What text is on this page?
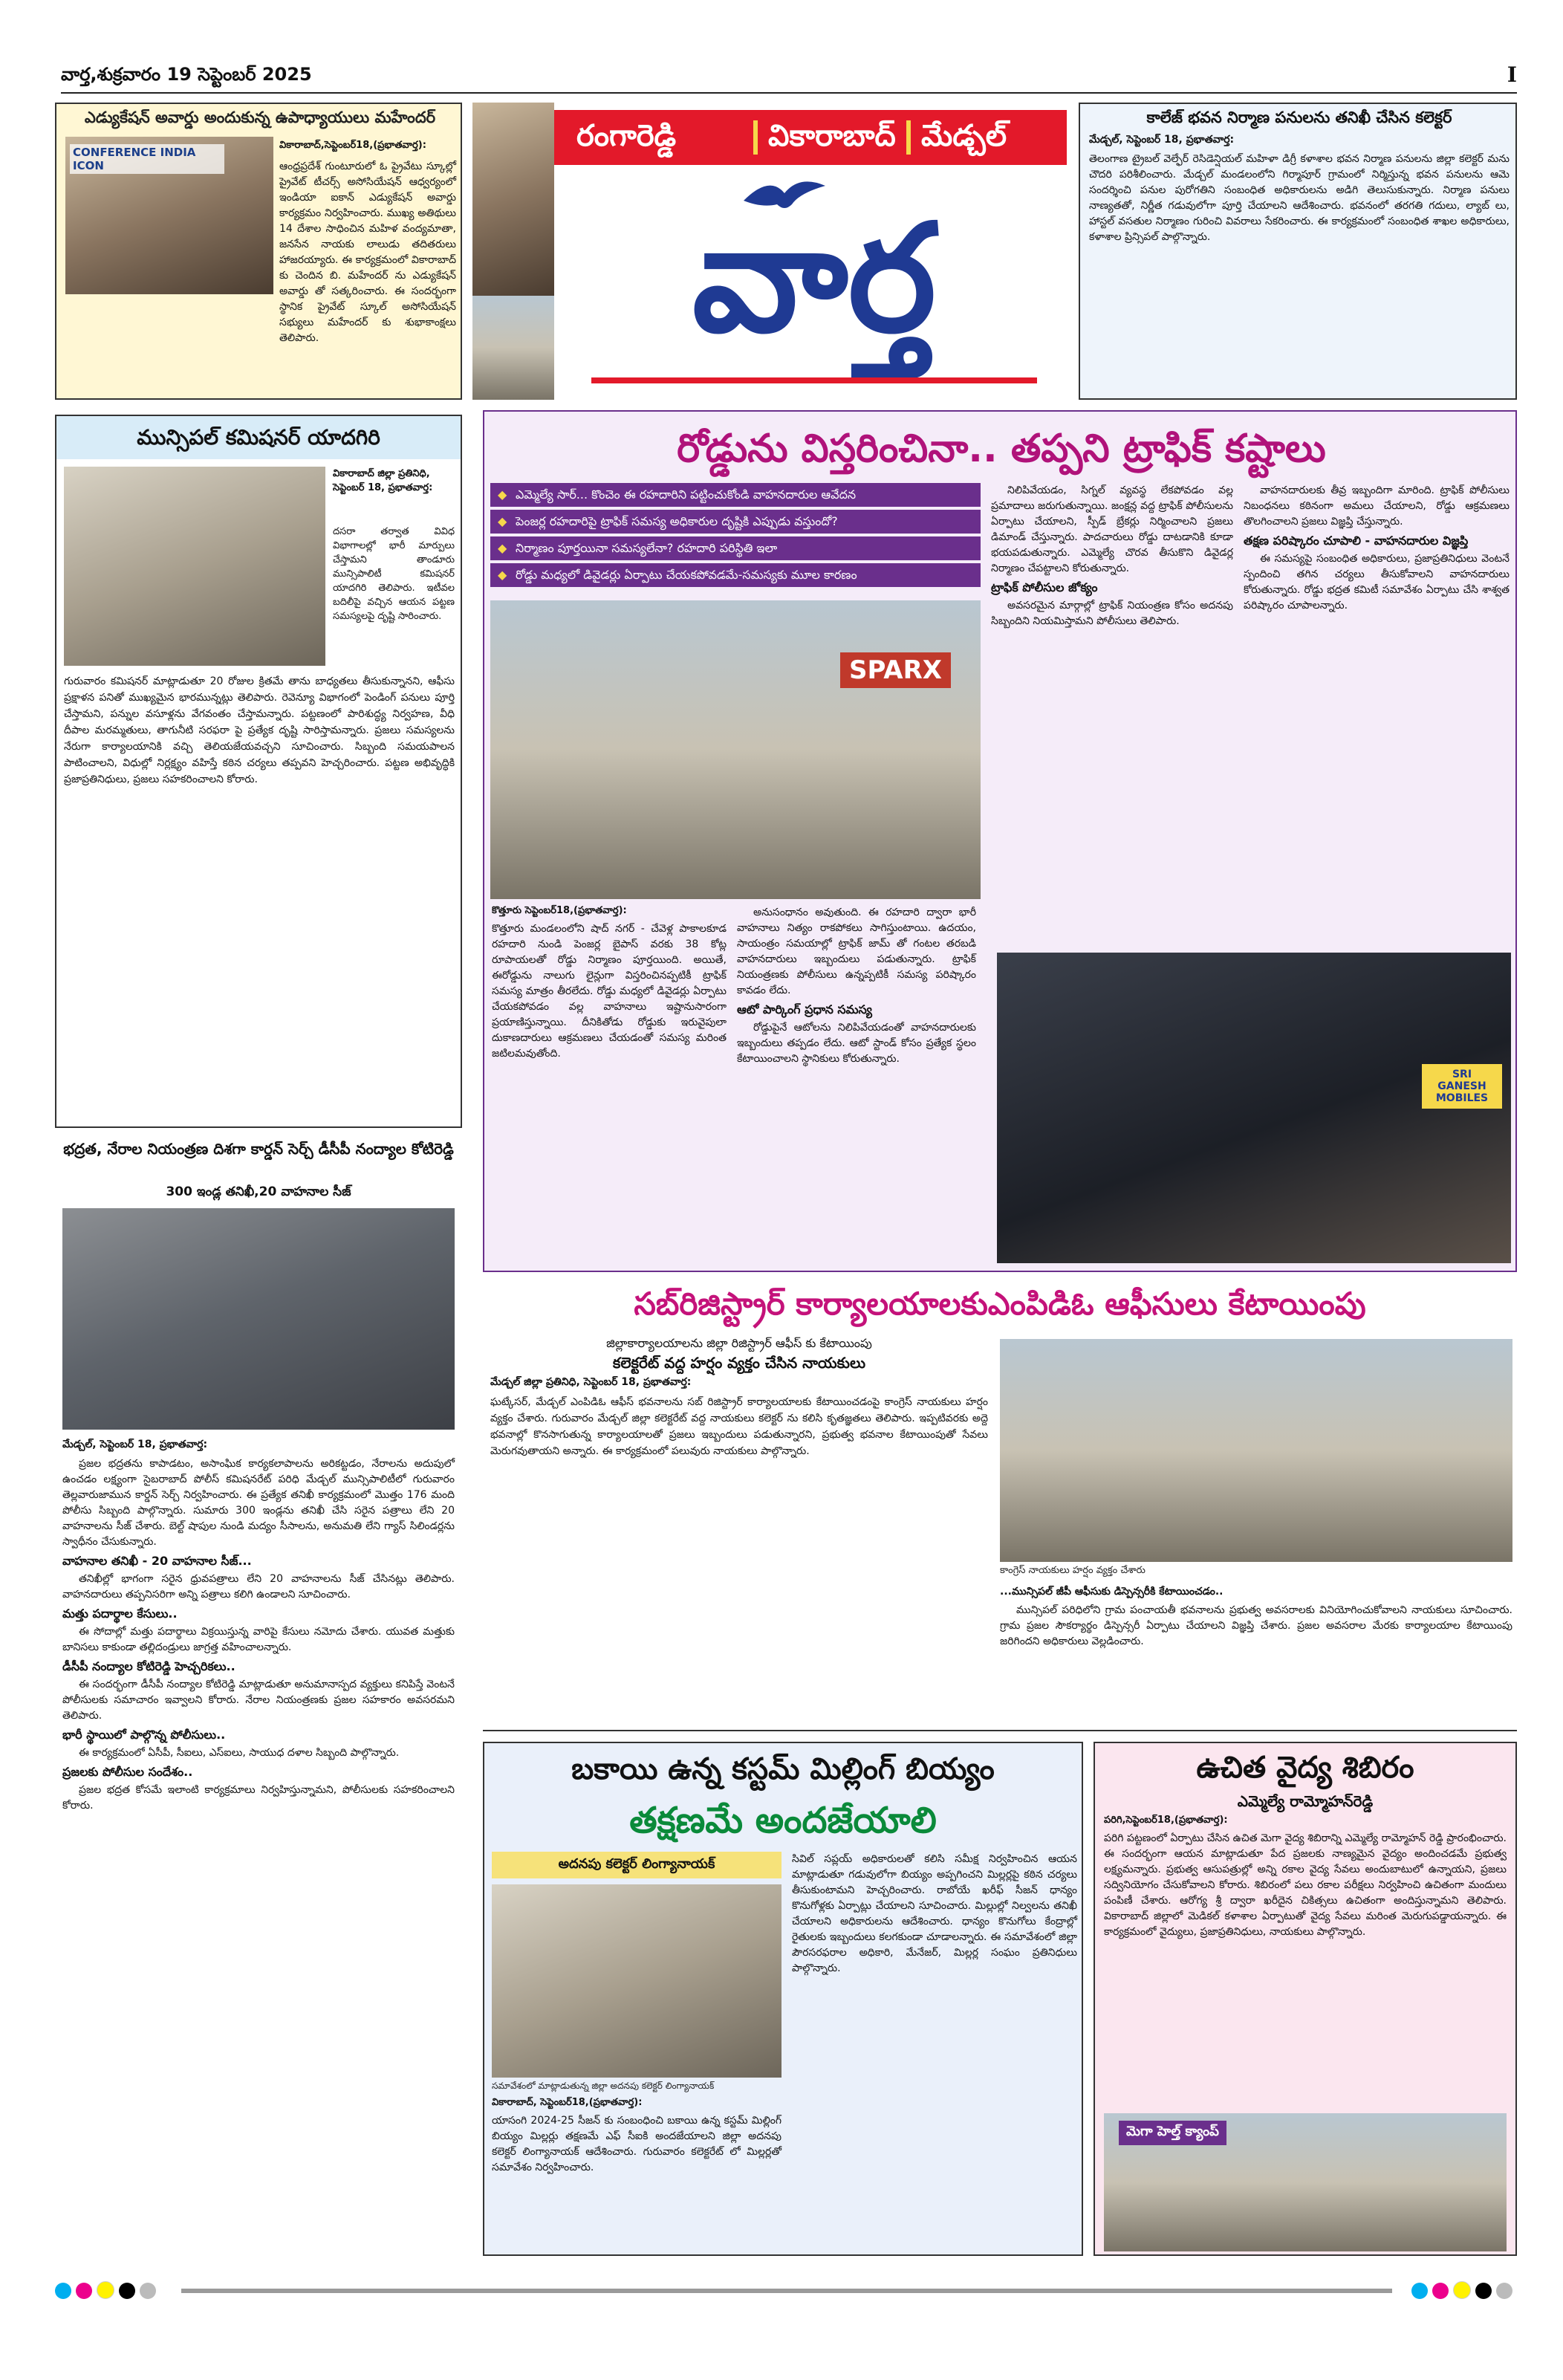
వార్త,శుక్రవారం 19 సెప్టెంబర్ 2025	I
ఎడ్యుకేషన్ అవార్డు అందుకున్న ఉపాధ్యాయులు మహేందర్
CONFERENCE INDIA ICON
వికారాబాద్,సెప్టెంబర్18,(ప్రభాతవార్త):
ఆంధ్రప్రదేశ్ గుంటూరులో ఓ ప్రైవేటు స్కూల్లో ప్రైవేట్ టీచర్స్ అసోసియేషన్ ఆధ్వర్యంలో ఇండియా ఐకాన్ ఎడ్యుకేషన్ అవార్డు కార్యక్రమం నిర్వహించారు. ముఖ్య అతిథులు 14 దేశాల సాధించిన మహిళ వంద్యమాతా, జనసేన నాయకు లాలుడు తదితరులు హాజరయ్యారు. ఈ కార్యక్రమంలో వికారాబాద్ కు చెందిన బి. మహేందర్ ను ఎడ్యుకేషన్ అవార్డు తో సత్కరించారు. ఈ సందర్భంగా స్థానిక ప్రైవేట్ స్కూల్ అసోసియేషన్ సభ్యులు మహేందర్ కు శుభాకాంక్షలు తెలిపారు.
రంగారెడ్డి	వికారాబాద్ మేడ్చల్
వార్త
కాలేజ్ భవన నిర్మాణ పనులను తనిఖీ చేసిన కలెక్టర్
మేడ్చల్, సెప్టెంబర్ 18, ప్రభాతవార్త:
తెలంగాణ ట్రైబల్ వెల్ఫేర్ రెసిడెన్షియల్ మహిళా డిగ్రీ కళాశాల భవన నిర్మాణ పనులను జిల్లా కలెక్టర్ మను చౌదరి పరిశీలించారు. మేడ్చల్ మండలంలోని గిర్మాపూర్ గ్రామంలో నిర్మిస్తున్న భవన పనులను ఆమె సందర్శించి పనుల పురోగతిని సంబంధిత అధికారులను అడిగి తెలుసుకున్నారు. నిర్మాణ పనులు నాణ్యతతో, నిర్ణీత గడువులోగా పూర్తి చేయాలని ఆదేశించారు. భవనంలో తరగతి గదులు, ల్యాబ్ లు, హాస్టల్ వసతుల నిర్మాణం గురించి వివరాలు సేకరించారు. ఈ కార్యక్రమంలో సంబంధిత శాఖల అధికారులు, కళాశాల ప్రిన్సిపల్ పాల్గొన్నారు.
మున్సిపల్ కమిషనర్ యాదగిరి
వికారాబాద్ జిల్లా ప్రతినిధి, సెప్టెంబర్ 18, ప్రభాతవార్త:
దసరా తర్వాత వివిధ విభాగాలల్లో భారీ మార్పులు చేస్తామని తాండూరు మున్సిపాలిటీ కమిషనర్ యాదగిరి తెలిపారు. ఇటీవల బదిలీపై వచ్చిన ఆయన పట్టణ సమస్యలపై దృష్టి సారించారు.
గురువారం కమిషనర్ మాట్లాడుతూ 20 రోజుల క్రితమే తాను బాధ్యతలు తీసుకున్నానని, ఆఫీసు ప్రక్షాళన పనితో ముఖ్యమైన భారమున్నట్లు తెలిపారు. రెవెన్యూ విభాగంలో పెండింగ్ పనులు పూర్తి చేస్తామని, పన్నుల వసూళ్లను వేగవంతం చేస్తామన్నారు. పట్టణంలో పారిశుద్ధ్య నిర్వహణ, వీధి దీపాల మరమ్మతులు, తాగునీటి సరఫరా పై ప్రత్యేక దృష్టి సారిస్తామన్నారు. ప్రజలు సమస్యలను నేరుగా కార్యాలయానికి వచ్చి తెలియజేయవచ్చని సూచించారు. సిబ్బంది సమయపాలన పాటించాలని, విధుల్లో నిర్లక్ష్యం వహిస్తే కఠిన చర్యలు తప్పవని హెచ్చరించారు. పట్టణ అభివృద్ధికి ప్రజాప్రతినిధులు, ప్రజలు సహకరించాలని కోరారు.
భద్రత, నేరాల నియంత్రణ దిశగా కార్డన్ సెర్చ్ డీసీపీ నంద్యాల కోటిరెడ్డి
300 ఇండ్ల తనిఖీ,20 వాహనాల సీజ్
మేడ్చల్, సెప్టెంబర్ 18, ప్రభాతవార్త:

ప్రజల భద్రతను కాపాడటం, అసాంఘిక కార్యకలాపాలను అరికట్టడం, నేరాలను అదుపులో ఉంచడం లక్ష్యంగా సైబరాబాద్ పోలీస్ కమిషనరేట్ పరిధి మేడ్చల్ మున్సిపాలిటీలో గురువారం తెల్లవారుజామున కార్డన్ సెర్చ్ నిర్వహించారు. ఈ ప్రత్యేక తనిఖీ కార్యక్రమంలో మొత్తం 176 మంది పోలీసు సిబ్బంది పాల్గొన్నారు. సుమారు 300 ఇండ్లను తనిఖీ చేసి సరైన పత్రాలు లేని 20 వాహనాలను సీజ్ చేశారు. బెల్ట్ షాపుల నుండి మద్యం సీసాలను, అనుమతి లేని గ్యాస్ సిలిండర్లను స్వాధీనం చేసుకున్నారు.

వాహనాల తనిఖీ - 20 వాహనాల సీజ్...

తనిఖీల్లో భాగంగా సరైన ధ్రువపత్రాలు లేని 20 వాహనాలను సీజ్ చేసినట్లు తెలిపారు. వాహనదారులు తప్పనిసరిగా అన్ని పత్రాలు కలిగి ఉండాలని సూచించారు.

మత్తు పదార్థాల కేసులు..

ఈ సోదాల్లో మత్తు పదార్థాలు విక్రయిస్తున్న వారిపై కేసులు నమోదు చేశారు. యువత మత్తుకు బానిసలు కాకుండా తల్లిదండ్రులు జాగ్రత్త వహించాలన్నారు.

డీసీపీ నంద్యాల కోటిరెడ్డి హెచ్చరికలు..

ఈ సందర్భంగా డీసీపీ నంద్యాల కోటిరెడ్డి మాట్లాడుతూ అనుమానాస్పద వ్యక్తులు కనిపిస్తే వెంటనే పోలీసులకు సమాచారం ఇవ్వాలని కోరారు. నేరాల నియంత్రణకు ప్రజల సహకారం అవసరమని తెలిపారు.

భారీ స్థాయిలో పాల్గొన్న పోలీసులు..

ఈ కార్యక్రమంలో ఏసీపీ, సీఐలు, ఎస్ఐలు, సాయుధ దళాల సిబ్బంది పాల్గొన్నారు.

ప్రజలకు పోలీసుల సందేశం..

ప్రజల భద్రత కోసమే ఇలాంటి కార్యక్రమాలు నిర్వహిస్తున్నామని, పోలీసులకు సహకరించాలని కోరారు.

రోడ్డును విస్తరించినా.. తప్పని ట్రాఫిక్ కష్టాలు
◆ ఎమ్మెల్యే సార్... కొంచెం ఈ రహదారిని పట్టించుకోండి వాహనదారుల ఆవేదన
◆ పెంజర్ల రహదారిపై ట్రాఫిక్ సమస్య అధికారుల దృష్టికి ఎప్పుడు వస్తుందో?
◆ నిర్మాణం పూర్తయినా సమస్యలేనా? రహదారి పరిస్థితి ఇలా
◆ రోడ్డు మధ్యలో డివైడర్లు ఏర్పాటు చేయకపోవడమే-సమస్యకు మూల కారణం
SPARX
కొత్తూరు సెప్టెంబర్18,(ప్రభాతవార్త):
కొత్తూరు మండలంలోని షాద్ నగర్ - చేవెళ్ల పాకాలకూడ రహదారి నుండి పెంజర్ల బైపాస్ వరకు 38 కోట్ల రూపాయలతో రోడ్డు నిర్మాణం పూర్తయింది. అయితే, ఈరోడ్డును నాలుగు లైన్లుగా విస్తరించినప్పటికీ ట్రాఫిక్ సమస్య మాత్రం తీరలేదు. రోడ్డు మధ్యలో డివైడర్లు ఏర్పాటు చేయకపోవడం వల్ల వాహనాలు ఇష్టానుసారంగా ప్రయాణిస్తున్నాయి. దీనికితోడు రోడ్డుకు ఇరువైపులా దుకాణదారులు ఆక్రమణలు చేయడంతో సమస్య మరింత జటిలమవుతోంది.

అనుసంధానం అవుతుంది. ఈ రహదారి ద్వారా భారీ వాహనాలు నిత్యం రాకపోకలు సాగిస్తుంటాయి. ఉదయం, సాయంత్రం సమయాల్లో ట్రాఫిక్ జామ్ తో గంటల తరబడి వాహనదారులు ఇబ్బందులు పడుతున్నారు. ట్రాఫిక్ నియంత్రణకు పోలీసులు ఉన్నప్పటికీ సమస్య పరిష్కారం కావడం లేదు.

ఆటో పార్కింగ్ ప్రధాన సమస్య

రోడ్డుపైనే ఆటోలను నిలిపివేయడంతో వాహనదారులకు ఇబ్బందులు తప్పడం లేదు. ఆటో స్టాండ్ కోసం ప్రత్యేక స్థలం కేటాయించాలని స్థానికులు కోరుతున్నారు.

నిలిపివేయడం, సిగ్నల్ వ్యవస్థ లేకపోవడం వల్ల ప్రమాదాలు జరుగుతున్నాయి. జంక్షన్ల వద్ద ట్రాఫిక్ పోలీసులను ఏర్పాటు చేయాలని, స్పీడ్ బ్రేకర్లు నిర్మించాలని ప్రజలు డిమాండ్ చేస్తున్నారు. పాదచారులు రోడ్డు దాటడానికి కూడా భయపడుతున్నారు. ఎమ్మెల్యే చొరవ తీసుకొని డివైడర్ల నిర్మాణం చేపట్టాలని కోరుతున్నారు.

ట్రాఫిక్ పోలీసుల జోక్యం

అవసరమైన మార్గాల్లో ట్రాఫిక్ నియంత్రణ కోసం అదనపు సిబ్బందిని నియమిస్తామని పోలీసులు తెలిపారు.

వాహనదారులకు తీవ్ర ఇబ్బందిగా మారింది. ట్రాఫిక్ పోలీసులు నిబంధనలు కఠినంగా అమలు చేయాలని, రోడ్డు ఆక్రమణలు తొలగించాలని ప్రజలు విజ్ఞప్తి చేస్తున్నారు.

తక్షణ పరిష్కారం చూపాలి - వాహనదారుల విజ్ఞప్తి

ఈ సమస్యపై సంబంధిత అధికారులు, ప్రజాప్రతినిధులు వెంటనే స్పందించి తగిన చర్యలు తీసుకోవాలని వాహనదారులు కోరుతున్నారు. రోడ్డు భద్రత కమిటీ సమావేశం ఏర్పాటు చేసి శాశ్వత పరిష్కారం చూపాలన్నారు.

SRI GANESH MOBILES
సబ్‌రిజిస్ట్రార్ కార్యాలయాలకుఎంపిడిఓ ఆఫీసులు కేటాయింపు
జిల్లాకార్యాలయాలను జిల్లా రిజిస్ట్రార్ ఆఫీస్ కు కేటాయింపు
కలెక్టరేట్ వద్ద హర్షం వ్యక్తం చేసిన నాయకులు
మేడ్చల్ జిల్లా ప్రతినిధి, సెప్టెంబర్ 18, ప్రభాతవార్త:
ఘట్కేసర్, మేడ్చల్ ఎంపిడిఓ ఆఫీస్ భవనాలను సబ్ రిజిస్ట్రార్ కార్యాలయాలకు కేటాయించడంపై కాంగ్రెస్ నాయకులు హర్షం వ్యక్తం చేశారు. గురువారం మేడ్చల్ జిల్లా కలెక్టరేట్ వద్ద నాయకులు కలెక్టర్ ను కలిసి కృతజ్ఞతలు తెలిపారు. ఇప్పటివరకు అద్దె భవనాల్లో కొనసాగుతున్న కార్యాలయాలతో ప్రజలు ఇబ్బందులు పడుతున్నారని, ప్రభుత్వ భవనాల కేటాయింపుతో సేవలు మెరుగవుతాయని అన్నారు. ఈ కార్యక్రమంలో పలువురు నాయకులు పాల్గొన్నారు.
కాంగ్రెస్ నాయకులు హర్షం వ్యక్తం చేశారు
...మున్సిపల్ జీపీ ఆఫీసుకు డిస్పెన్సరీకి కేటాయించడం..

మున్సిపల్ పరిధిలోని గ్రామ పంచాయతీ భవనాలను ప్రభుత్వ అవసరాలకు వినియోగించుకోవాలని నాయకులు సూచించారు. గ్రామ ప్రజల సౌకర్యార్థం డిస్పెన్సరీ ఏర్పాటు చేయాలని విజ్ఞప్తి చేశారు. ప్రజల అవసరాల మేరకు కార్యాలయాల కేటాయింపు జరిగిందని అధికారులు వెల్లడించారు.

బకాయి ఉన్న కస్టమ్ మిల్లింగ్ బియ్యం
తక్షణమే అందజేయాలి
అదనపు కలెక్టర్ లింగ్యానాయక్
సమావేశంలో మాట్లాడుతున్న జిల్లా అదనపు కలెక్టర్ లింగ్యానాయక్
వికారాబాద్, సెప్టెంబర్18,(ప్రభాతవార్త):
యాసంగి 2024-25 సీజన్ కు సంబంధించి బకాయి ఉన్న కస్టమ్ మిల్లింగ్ బియ్యం మిల్లర్లు తక్షణమే ఎఫ్ సీఐకి అందజేయాలని జిల్లా అదనపు కలెక్టర్ లింగ్యానాయక్ ఆదేశించారు. గురువారం కలెక్టరేట్ లో మిల్లర్లతో సమావేశం నిర్వహించారు.
సివిల్ సప్లయ్ అధికారులతో కలిసి సమీక్ష నిర్వహించిన ఆయన మాట్లాడుతూ గడువులోగా బియ్యం అప్పగించని మిల్లర్లపై కఠిన చర్యలు తీసుకుంటామని హెచ్చరించారు. రాబోయే ఖరీఫ్ సీజన్ ధాన్యం కొనుగోళ్లకు ఏర్పాట్లు చేయాలని సూచించారు. మిల్లుల్లో నిల్వలను తనిఖీ చేయాలని అధికారులను ఆదేశించారు. ధాన్యం కొనుగోలు కేంద్రాల్లో రైతులకు ఇబ్బందులు కలగకుండా చూడాలన్నారు. ఈ సమావేశంలో జిల్లా పౌరసరఫరాల అధికారి, మేనేజర్, మిల్లర్ల సంఘం ప్రతినిధులు పాల్గొన్నారు.
ఉచిత వైద్య శిబిరం
ఎమ్మెల్యే రామ్మోహన్‌రెడ్డి
పరిగి,సెప్టెంబర్18,(ప్రభాతవార్త):
పరిగి పట్టణంలో ఏర్పాటు చేసిన ఉచిత మెగా వైద్య శిబిరాన్ని ఎమ్మెల్యే రామ్మోహన్ రెడ్డి ప్రారంభించారు. ఈ సందర్భంగా ఆయన మాట్లాడుతూ పేద ప్రజలకు నాణ్యమైన వైద్యం అందించడమే ప్రభుత్వ లక్ష్యమన్నారు. ప్రభుత్వ ఆసుపత్రుల్లో అన్ని రకాల వైద్య సేవలు అందుబాటులో ఉన్నాయని, ప్రజలు సద్వినియోగం చేసుకోవాలని కోరారు. శిబిరంలో పలు రకాల పరీక్షలు నిర్వహించి ఉచితంగా మందులు పంపిణీ చేశారు. ఆరోగ్య శ్రీ ద్వారా ఖరీదైన చికిత్సలు ఉచితంగా అందిస్తున్నామని తెలిపారు. వికారాబాద్ జిల్లాలో మెడికల్ కళాశాల ఏర్పాటుతో వైద్య సేవలు మరింత మెరుగుపడ్డాయన్నారు. ఈ కార్యక్రమంలో వైద్యులు, ప్రజాప్రతినిధులు, నాయకులు పాల్గొన్నారు.
మెగా హెల్త్ క్యాంప్
